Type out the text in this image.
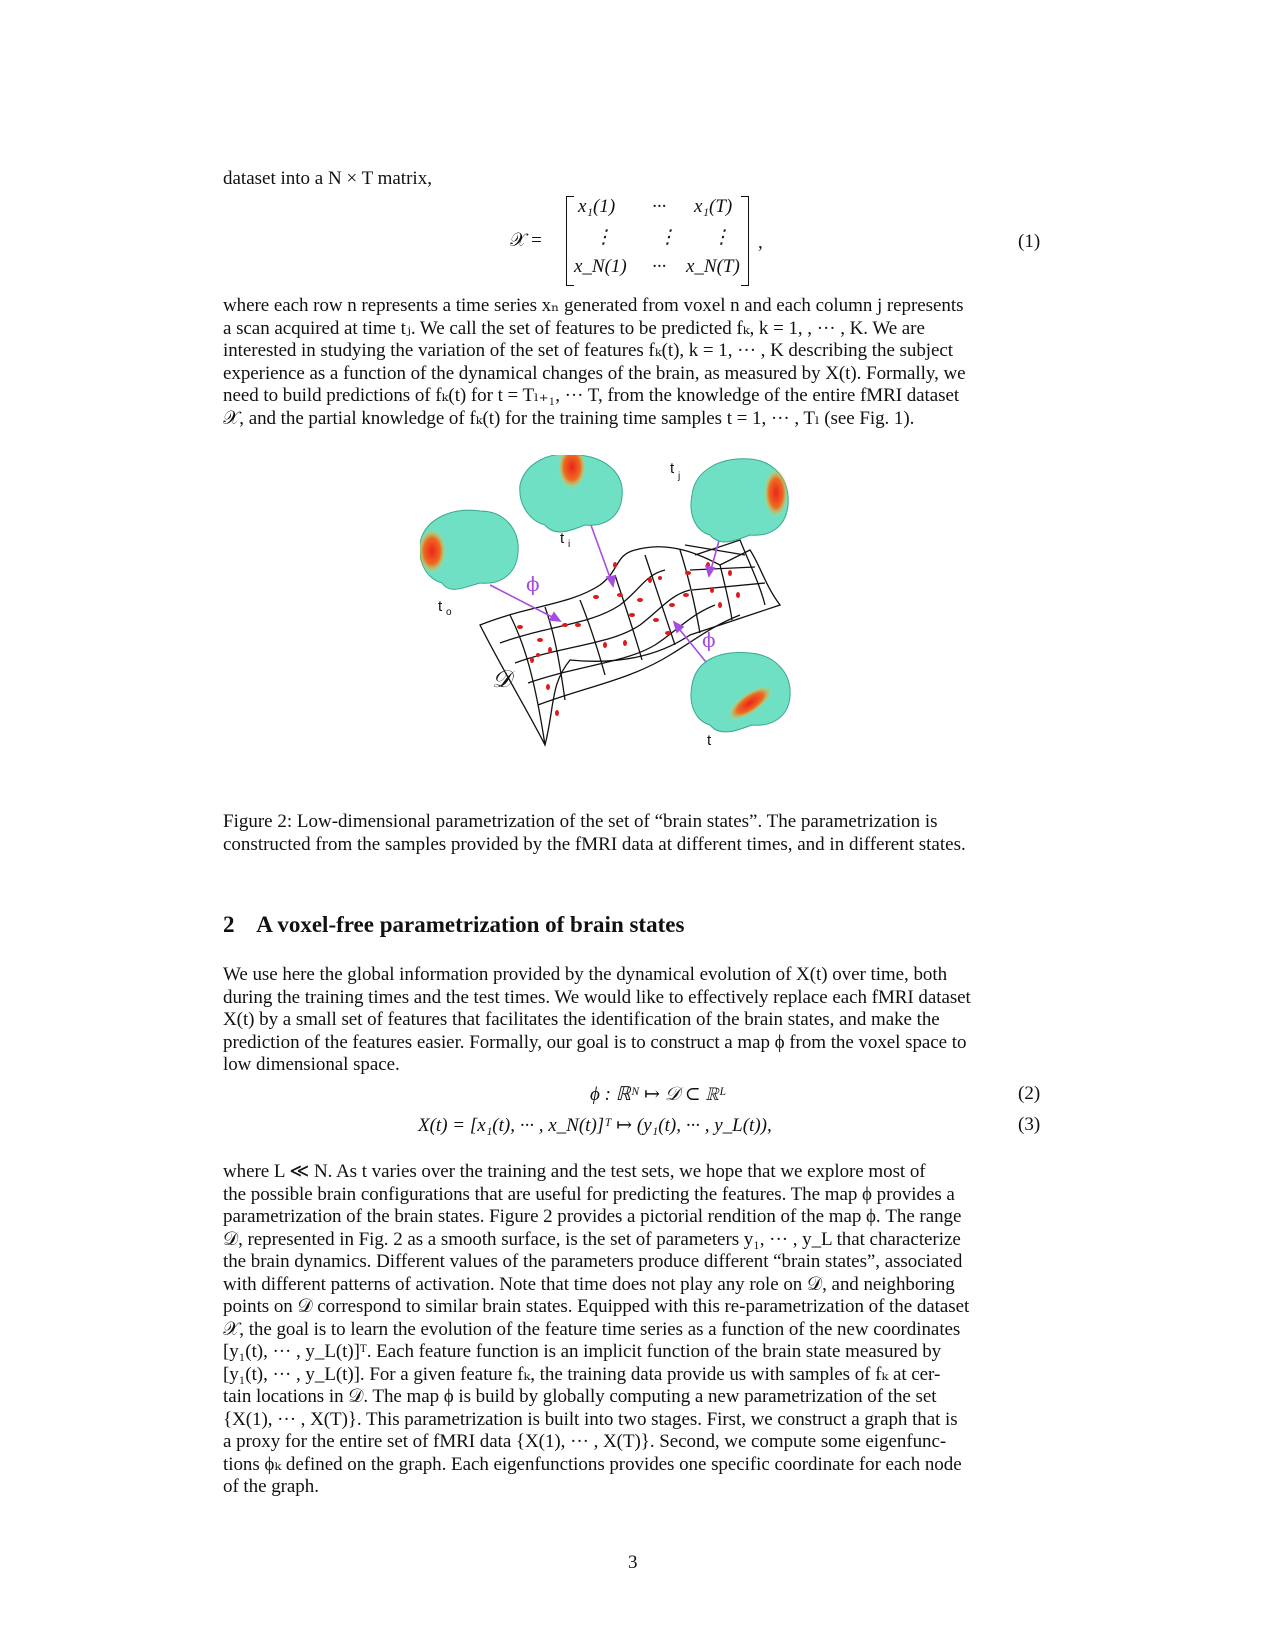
dataset into a N × T matrix,
𝒳 =
x₁(1) ··· x₁(T)
⋮ ⋮ ⋮
x_N(1) ··· x_N(T)
,	(1)
where each row n represents a time series xₙ generated from voxel n and each column j represents
a scan acquired at time tⱼ. We call the set of features to be predicted fₖ, k = 1, , ··· , K. We are
interested in studying the variation of the set of features fₖ(t), k = 1, ··· , K describing the subject
experience as a function of the dynamical changes of the brain, as measured by X(t). Formally, we
need to build predictions of fₖ(t) for t = Tₗ₊₁, ··· T, from the knowledge of the entire fMRI dataset
𝒳, and the partial knowledge of fₖ(t) for the training time samples t = 1, ··· , Tₗ (see Fig. 1).
t o
t i
t j
t
ϕ
ϕ
𝒟
Figure 2: Low-dimensional parametrization of the set of “brain states”. The parametrization is
constructed from the samples provided by the fMRI data at different times, and in different states.
2 A voxel-free parametrization of brain states
We use here the global information provided by the dynamical evolution of X(t) over time, both
during the training times and the test times. We would like to effectively replace each fMRI dataset
X(t) by a small set of features that facilitates the identification of the brain states, and make the
prediction of the features easier. Formally, our goal is to construct a map ϕ from the voxel space to
low dimensional space.
ϕ : ℝᴺ ↦ 𝒟 ⊂ ℝᴸ	(2)
X(t) = [x₁(t), ··· , x_N(t)]ᵀ ↦ (y₁(t), ··· , y_L(t)),	(3)
where L ≪ N. As t varies over the training and the test sets, we hope that we explore most of
the possible brain configurations that are useful for predicting the features. The map ϕ provides a
parametrization of the brain states. Figure 2 provides a pictorial rendition of the map ϕ. The range
𝒟, represented in Fig. 2 as a smooth surface, is the set of parameters y₁, ··· , y_L that characterize
the brain dynamics. Different values of the parameters produce different “brain states”, associated
with different patterns of activation. Note that time does not play any role on 𝒟, and neighboring
points on 𝒟 correspond to similar brain states. Equipped with this re-parametrization of the dataset
𝒳, the goal is to learn the evolution of the feature time series as a function of the new coordinates
[y₁(t), ··· , y_L(t)]ᵀ. Each feature function is an implicit function of the brain state measured by
[y₁(t), ··· , y_L(t)]. For a given feature fₖ, the training data provide us with samples of fₖ at cer-
tain locations in 𝒟. The map ϕ is build by globally computing a new parametrization of the set
{X(1), ··· , X(T)}. This parametrization is built into two stages. First, we construct a graph that is
a proxy for the entire set of fMRI data {X(1), ··· , X(T)}. Second, we compute some eigenfunc-
tions ϕₖ defined on the graph. Each eigenfunctions provides one specific coordinate for each node
of the graph.
3
